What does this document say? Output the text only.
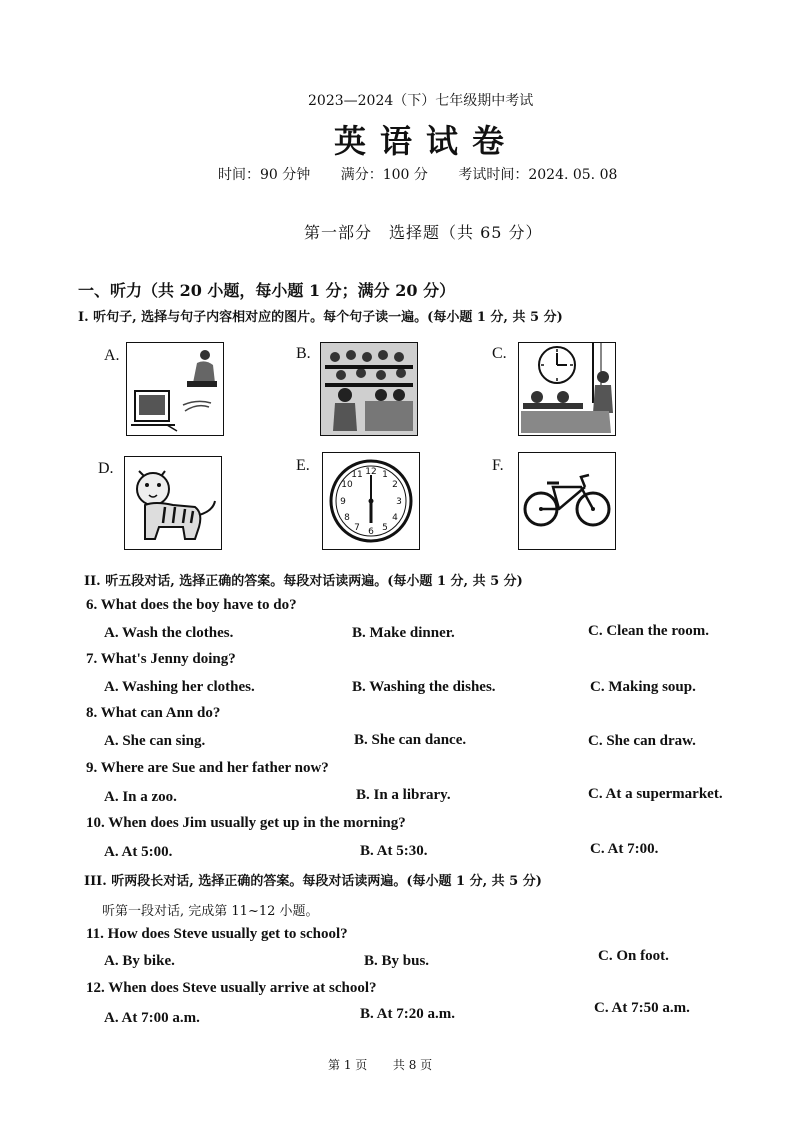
2023—2024（下）七年级期中考试
英语试卷
时间：90 分钟 满分：100 分 考试时间：2024. 05. 08
第一部分　选择题（共 65 分）
一、听力（共 20 小题，每小题 1 分；满分 20 分）
I. 听句子, 选择与句子内容相对应的图片。每个句子读一遍。(每小题 1 分, 共 5 分)
A.	B.	C.
D.	E.	12 1
2
3
4
5
6
7
8
9
10
11
F.
II. 听五段对话, 选择正确的答案。每段对话读两遍。(每小题 1 分, 共 5 分)
6. What does the boy have to do?
A. Wash the clothes.	B. Make dinner.	C. Clean the room.
7. What's Jenny doing?
A. Washing her clothes.	B. Washing the dishes.	C. Making soup.
8. What can Ann do?
A. She can sing.	B. She can dance.	C. She can draw.
9. Where are Sue and her father now?
A. In a zoo.	B. In a library.	C. At a supermarket.
10. When does Jim usually get up in the morning?
A. At 5:00.	B. At 5:30.	C. At 7:00.
III. 听两段长对话, 选择正确的答案。每段对话读两遍。(每小题 1 分, 共 5 分)
听第一段对话, 完成第 11~12 小题。
11. How does Steve usually get to school?
A. By bike.	B. By bus.	C. On foot.
12. When does Steve usually arrive at school?
A. At 7:00 a.m.	B. At 7:20 a.m.	C. At 7:50 a.m.
第 1 页 共 8 页
